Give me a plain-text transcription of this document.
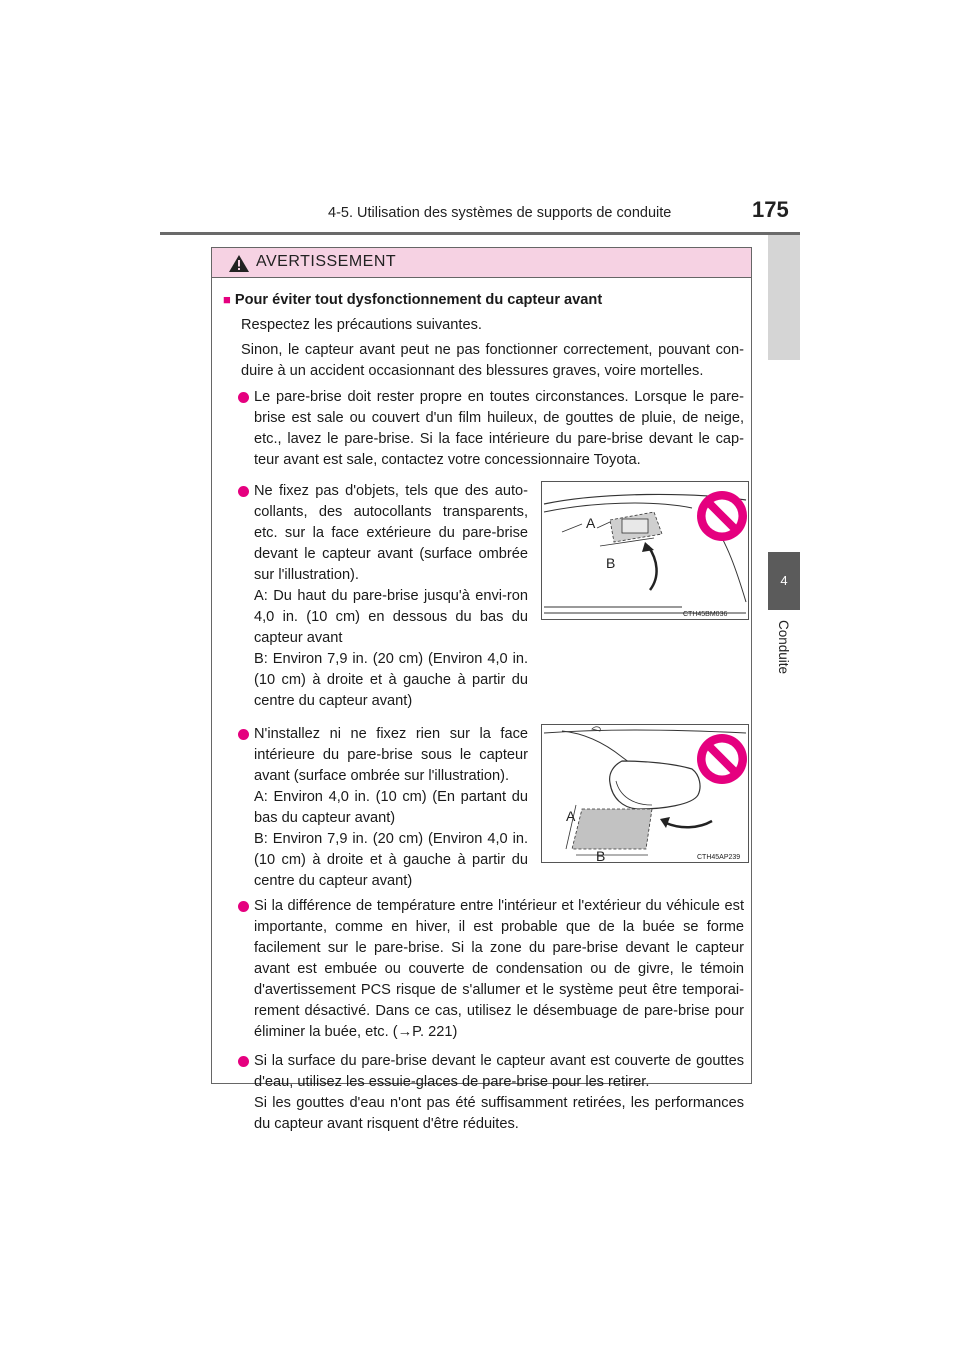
4-5. Utilisation des systèmes de supports de conduite	175
4
Conduite
AVERTISSEMENT

■ Pour éviter tout dysfonctionnement du capteur avant

Respectez les précautions suivantes.

Sinon, le capteur avant peut ne pas fonctionner correctement, pouvant con-duire à un accident occasionnant des blessures graves, voire mortelles.

Le pare-brise doit rester propre en toutes circonstances. Lorsque le pare-brise est sale ou couvert d'un film huileux, de gouttes de pluie, de neige, etc., lavez le pare-brise. Si la face intérieure du pare-brise devant le cap-teur avant est sale, contactez votre concessionnaire Toyota.
Ne fixez pas d'objets, tels que des auto-collants, des autocollants transparents, etc. sur la face extérieure du pare-brise devant le capteur avant (surface ombrée sur l'illustration).
A: Du haut du pare-brise jusqu'à envi-ron 4,0 in. (10 cm) en dessous du bas du capteur avant
B: Environ 7,9 in. (20 cm) (Environ 4,0 in. (10 cm) à droite et à gauche à partir du centre du capteur avant)
A
B
CTH45BM036
N'installez ni ne fixez rien sur la face intérieure du pare-brise sous le capteur avant (surface ombrée sur l'illustration).
A: Environ 4,0 in. (10 cm) (En partant du bas du capteur avant)
B: Environ 7,9 in. (20 cm) (Environ 4,0 in. (10 cm) à droite et à gauche à partir du centre du capteur avant)
A
B	CTH45AP239
Si la différence de température entre l'intérieur et l'extérieur du véhicule est importante, comme en hiver, il est probable que de la buée se forme facilement sur le pare-brise. Si la zone du pare-brise devant le capteur avant est embuée ou couverte de condensation ou de givre, le témoin d'avertissement PCS risque de s'allumer et le système peut être temporai-rement désactivé. Dans ce cas, utilisez le désembuage de pare-brise pour éliminer la buée, etc. (→P. 221)
Si la surface du pare-brise devant le capteur avant est couverte de gouttes d'eau, utilisez les essuie-glaces de pare-brise pour les retirer.
Si les gouttes d'eau n'ont pas été suffisamment retirées, les performances du capteur avant risquent d'être réduites.
